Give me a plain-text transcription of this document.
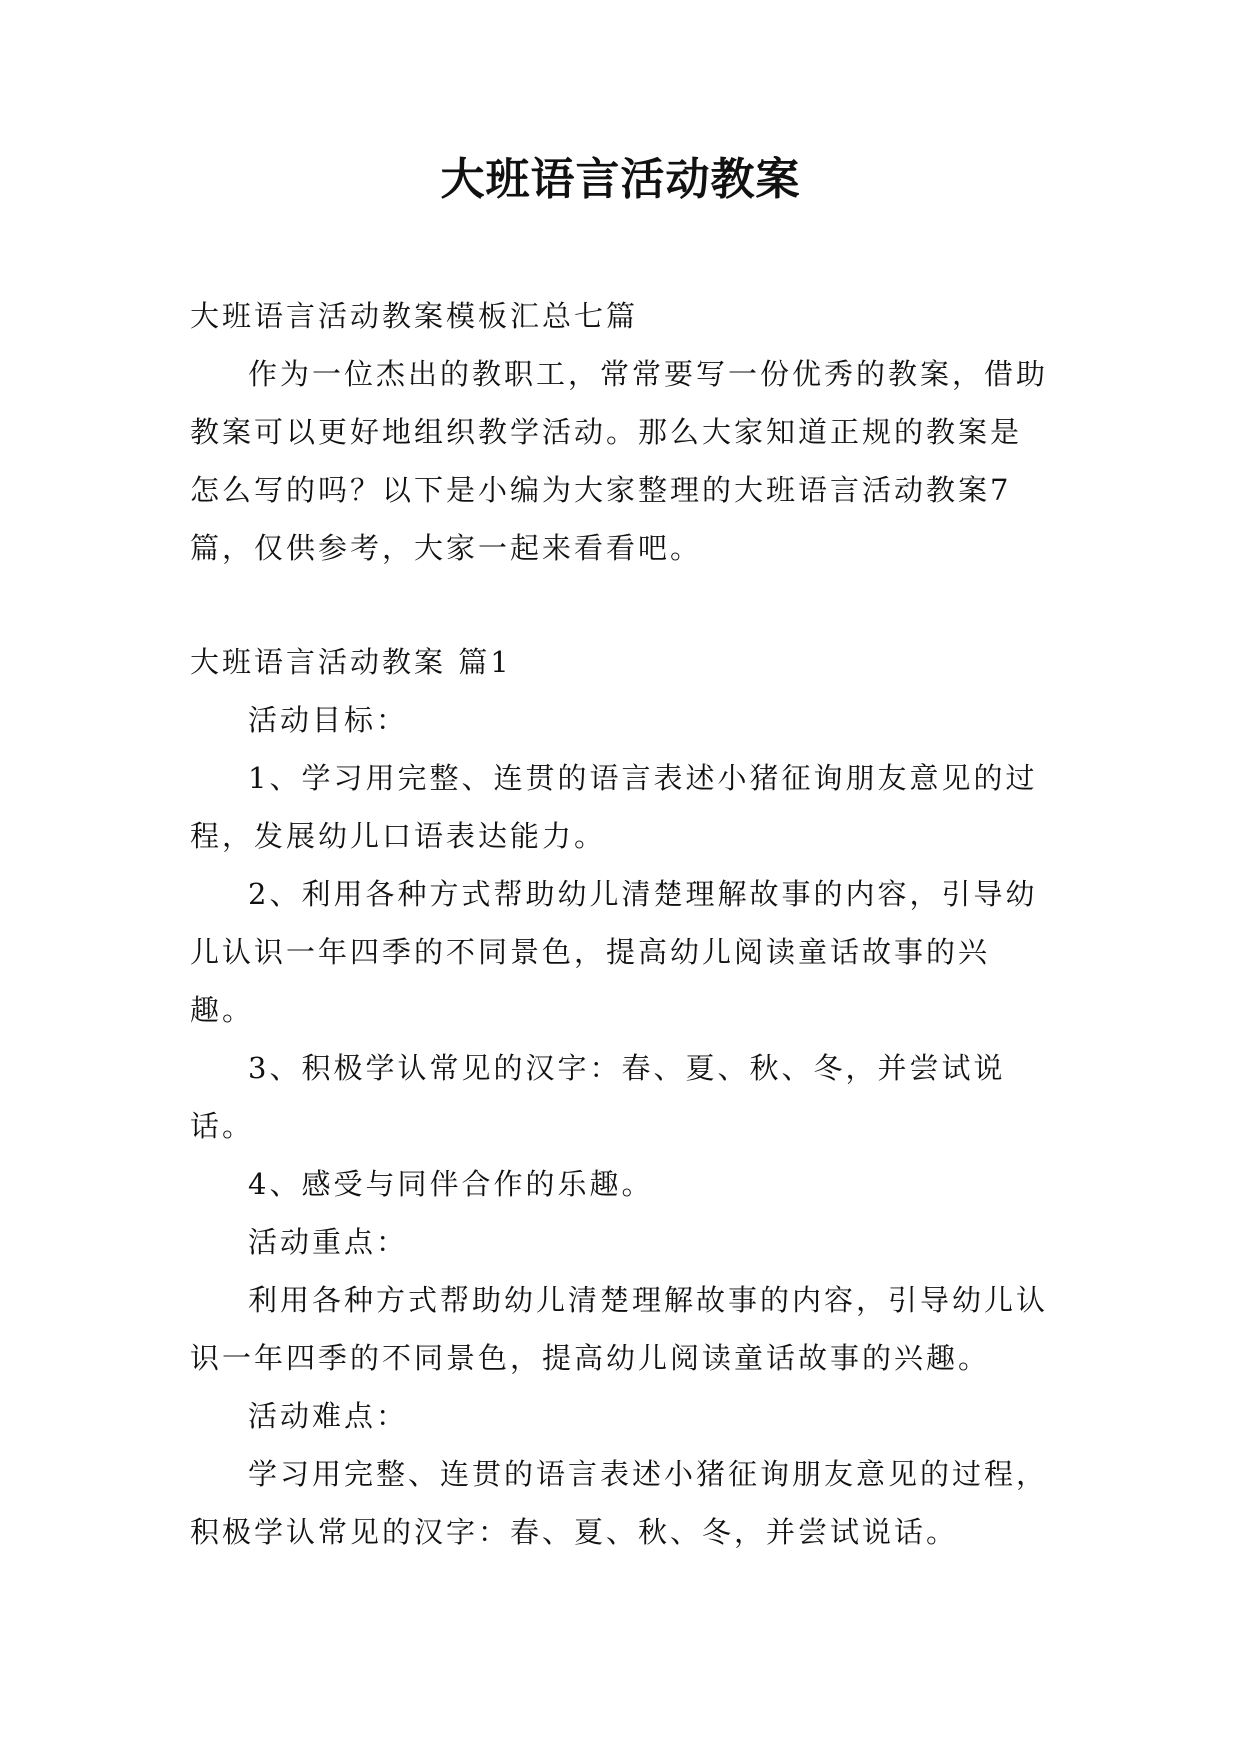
大班语言活动教案

大班语言活动教案模板汇总七篇

作为一位杰出的教职工，常常要写一份优秀的教案，借助教案可以更好地组织教学活动。那么大家知道正规的教案是怎么写的吗？以下是小编为大家整理的大班语言活动教案7篇，仅供参考，大家一起来看看吧。

大班语言活动教案 篇1

活动目标：

1、学习用完整、连贯的语言表述小猪征询朋友意见的过程，发展幼儿口语表达能力。

2、利用各种方式帮助幼儿清楚理解故事的内容，引导幼儿认识一年四季的不同景色，提高幼儿阅读童话故事的兴趣。

3、积极学认常见的汉字：春、夏、秋、冬，并尝试说话。

4、感受与同伴合作的乐趣。

活动重点：

利用各种方式帮助幼儿清楚理解故事的内容，引导幼儿认识一年四季的不同景色，提高幼儿阅读童话故事的兴趣。

活动难点：

学习用完整、连贯的语言表述小猪征询朋友意见的过程，积极学认常见的汉字：春、夏、秋、冬，并尝试说话。
